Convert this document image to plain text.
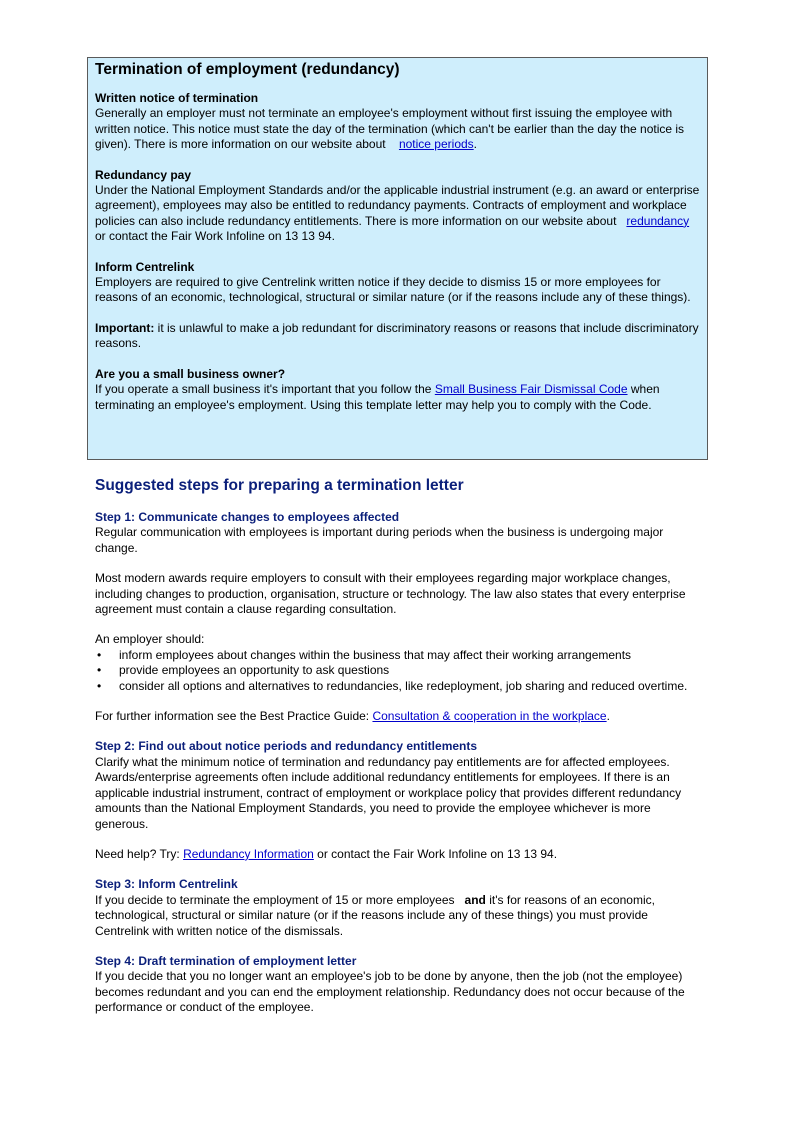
Termination of employment (redundancy)
Written notice of termination

Generally an employer must not terminate an employee's employment without first issuing the employee with written notice. This notice must state the day of the termination (which can't be earlier than the day the notice is given). There is more information on our website about notice periods.

Redundancy pay

Under the National Employment Standards and/or the applicable industrial instrument (e.g. an award or enterprise agreement), employees may also be entitled to redundancy payments. Contracts of employment and workplace policies can also include redundancy entitlements. There is more information on our website about redundancy or contact the Fair Work Infoline on 13 13 94.

Inform Centrelink

Employers are required to give Centrelink written notice if they decide to dismiss 15 or more employees for reasons of an economic, technological, structural or similar nature (or if the reasons include any of these things).

Important: it is unlawful to make a job redundant for discriminatory reasons or reasons that include discriminatory reasons.

Are you a small business owner?

If you operate a small business it's important that you follow the Small Business Fair Dismissal Code when terminating an employee's employment. Using this template letter may help you to comply with the Code.

Suggested steps for preparing a termination letter
Step 1: Communicate changes to employees affected

Regular communication with employees is important during periods when the business is undergoing major change.

Most modern awards require employers to consult with their employees regarding major workplace changes, including changes to production, organisation, structure or technology. The law also states that every enterprise agreement must contain a clause regarding consultation.

An employer should:

• inform employees about changes within the business that may affect their working arrangements
• provide employees an opportunity to ask questions
• consider all options and alternatives to redundancies, like redeployment, job sharing and reduced overtime.

For further information see the Best Practice Guide: Consultation & cooperation in the workplace.

Step 2: Find out about notice periods and redundancy entitlements

Clarify what the minimum notice of termination and redundancy pay entitlements are for affected employees. Awards/enterprise agreements often include additional redundancy entitlements for employees. If there is an applicable industrial instrument, contract of employment or workplace policy that provides different redundancy amounts than the National Employment Standards, you need to provide the employee whichever is more generous.

Need help? Try: Redundancy Information or contact the Fair Work Infoline on 13 13 94.

Step 3: Inform Centrelink

If you decide to terminate the employment of 15 or more employees and it's for reasons of an economic, technological, structural or similar nature (or if the reasons include any of these things) you must provide Centrelink with written notice of the dismissals.

Step 4: Draft termination of employment letter

If you decide that you no longer want an employee's job to be done by anyone, then the job (not the employee) becomes redundant and you can end the employment relationship. Redundancy does not occur because of the performance or conduct of the employee.
